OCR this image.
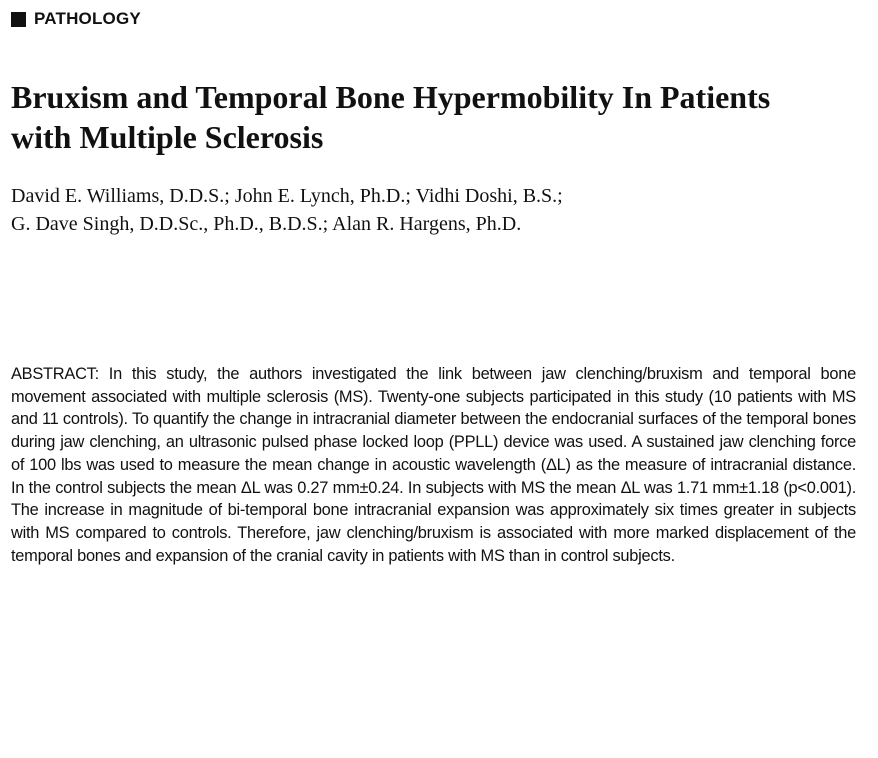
PATHOLOGY
Bruxism and Temporal Bone Hypermobility In Patients
with Multiple Sclerosis
David E. Williams, D.D.S.; John E. Lynch, Ph.D.; Vidhi Doshi, B.S.;
G. Dave Singh, D.D.Sc., Ph.D., B.D.S.; Alan R. Hargens, Ph.D.

ABSTRACT: In this study, the authors investigated the link between jaw clenching/bruxism and temporal bone movement associated with multiple sclerosis (MS). Twenty-one subjects participated in this study (10 patients with MS and 11 controls). To quantify the change in intracranial diameter between the endocranial surfaces of the temporal bones during jaw clenching, an ultrasonic pulsed phase locked loop (PPLL) device was used. A sustained jaw clenching force of 100 lbs was used to measure the mean change in acoustic wavelength (ΔL) as the measure of intracranial distance. In the control subjects the mean ΔL was 0.27 mm±0.24. In subjects with MS the mean ΔL was 1.71 mm±1.18 (p<0.001). The increase in magnitude of bi-temporal bone intracranial expansion was approximately six times greater in subjects with MS compared to controls. Therefore, jaw clenching/bruxism is associated with more marked displacement of the temporal bones and expansion of the cranial cavity in patients with MS than in control subjects.
